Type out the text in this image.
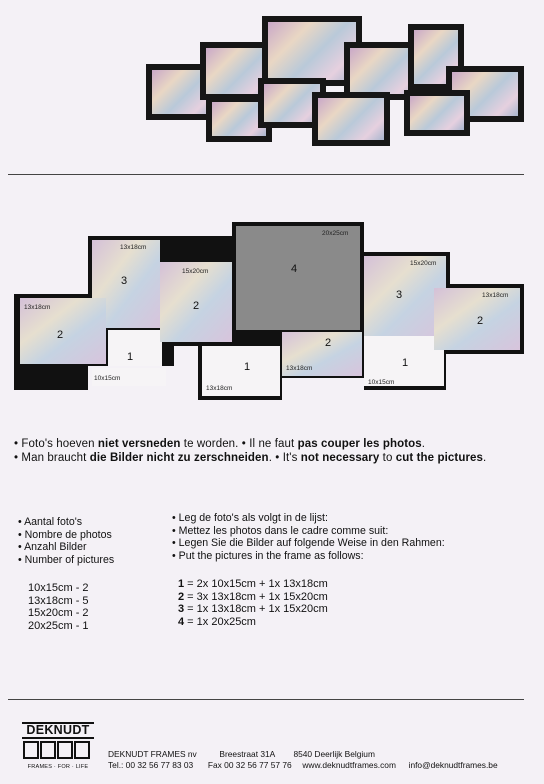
13x18cm
15x20cm
20x25cm
15x20cm
13x18cm
13x18cm
10x15cm
13x18cm
13x18cm
10x15cm
3
2
2
4
3
2
1
1
2
1
• Foto's hoeven niet versneden te worden. • Il ne faut pas couper les photos.
• Man braucht die Bilder nicht zu zerschneiden. • It's not necessary to cut the pictures.
• Aantal foto's
• Nombre de photos
• Anzahl Bilder
• Number of pictures
• Leg de foto's als volgt in de lijst:
• Mettez les photos dans le cadre comme suit:
• Legen Sie die Bilder auf folgende Weise in den Rahmen:
• Put the pictures in the frame as follows:
10x15cm - 2
13x18cm - 5
15x20cm - 2
20x25cm - 1
1 = 2x 10x15cm + 1x 13x18cm
2 = 3x 13x18cm + 1x 15x20cm
3 = 1x 13x18cm + 1x 15x20cm
4 = 1x 20x25cm
DEKNUDT
FRAMES · FOR · LIFE
DEKNUDT FRAMES nv	Breestraat 31A 8540 Deerlijk Belgium
Tel.: 00 32 56 77 83 03 Fax 00 32 56 77 57 76 www.deknudtframes.com info@deknudtframes.be
